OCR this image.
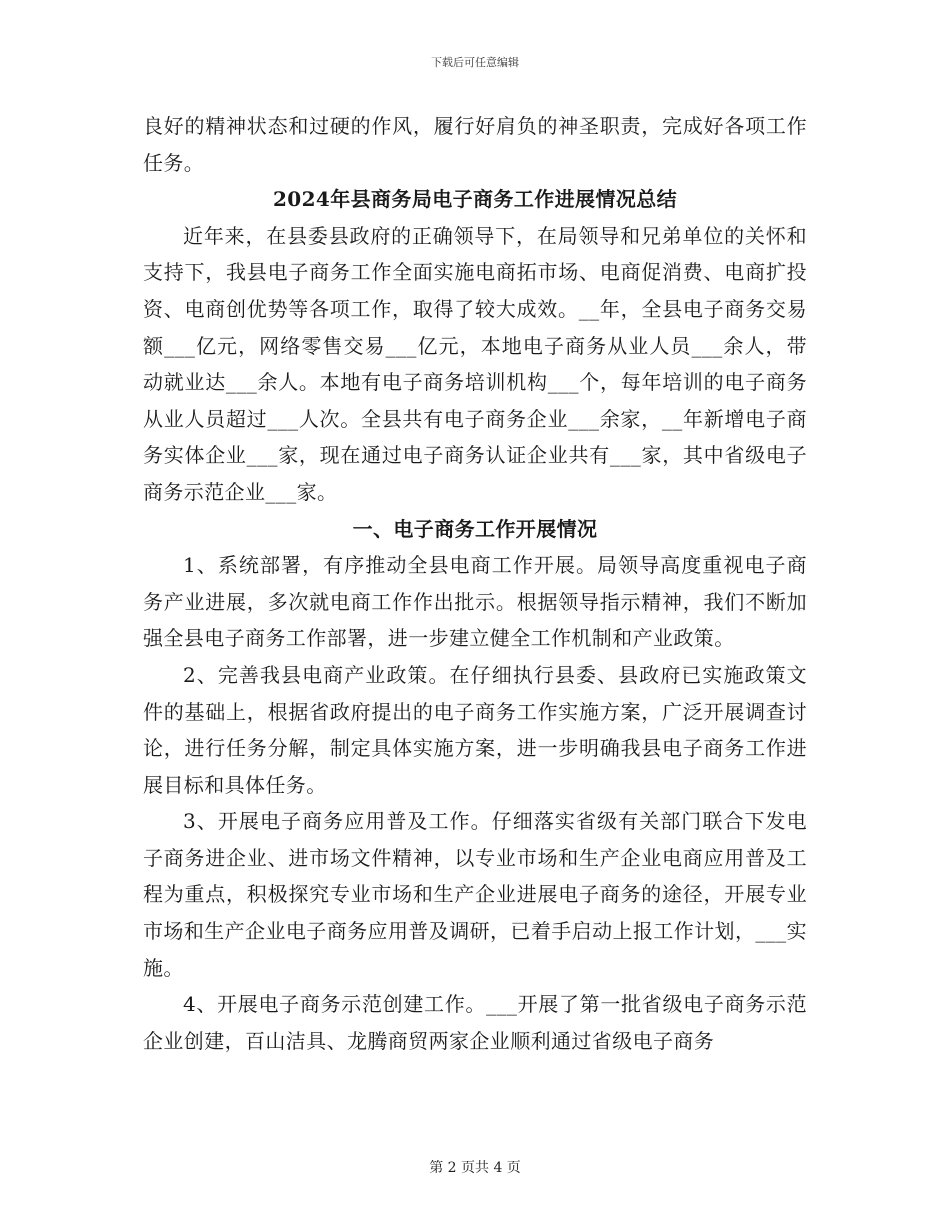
下载后可任意编辑

良好的精神状态和过硬的作风，履行好肩负的神圣职责，完成好各项工作任务。

2024年县商务局电子商务工作进展情况总结

近年来，在县委县政府的正确领导下，在局领导和兄弟单位的关怀和支持下，我县电子商务工作全面实施电商拓市场、电商促消费、电商扩投资、电商创优势等各项工作，取得了较大成效。__年，全县电子商务交易额___亿元，网络零售交易___亿元，本地电子商务从业人员___余人，带动就业达___余人。本地有电子商务培训机构___个，每年培训的电子商务从业人员超过___人次。全县共有电子商务企业___余家，__年新增电子商务实体企业___家，现在通过电子商务认证企业共有___家，其中省级电子商务示范企业___家。

一、电子商务工作开展情况

1、系统部署，有序推动全县电商工作开展。局领导高度重视电子商务产业进展，多次就电商工作作出批示。根据领导指示精神，我们不断加强全县电子商务工作部署，进一步建立健全工作机制和产业政策。

2、完善我县电商产业政策。在仔细执行县委、县政府已实施政策文件的基础上，根据省政府提出的电子商务工作实施方案，广泛开展调查讨论，进行任务分解，制定具体实施方案，进一步明确我县电子商务工作进展目标和具体任务。

3、开展电子商务应用普及工作。仔细落实省级有关部门联合下发电子商务进企业、进市场文件精神，以专业市场和生产企业电商应用普及工程为重点，积极探究专业市场和生产企业进展电子商务的途径，开展专业市场和生产企业电子商务应用普及调研，已着手启动上报工作计划，___实施。

4、开展电子商务示范创建工作。___开展了第一批省级电子商务示范企业创建，百山洁具、龙腾商贸两家企业顺利通过省级电子商务

第 2 页共 4 页
